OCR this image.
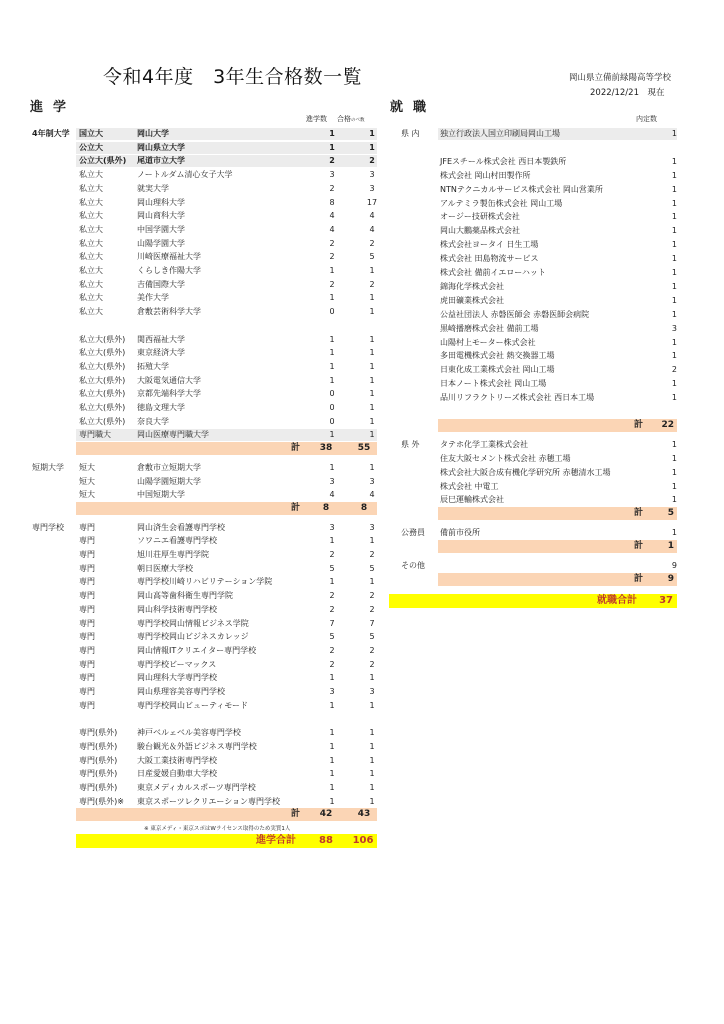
令和4年度　3年生合格数一覧	岡山県立備前緑陽高等学校
2022/12/21　現在
進学	就職
進学数 合格のべ数	内定数
4年制大学 国立大	岡山大学	1	1
公立大	岡山県立大学	1	1
公立大(県外) 尾道市立大学	2	2
私立大	ノートルダム清心女子大学	3	3
私立大	就実大学	2	3
私立大	岡山理科大学	8	17
私立大	岡山商科大学	4	4
私立大	中国学園大学	4	4
私立大	山陽学園大学	2	2
私立大	川崎医療福祉大学	2	5
私立大	くらしき作陽大学	1	1
私立大	吉備国際大学	2	2
私立大	美作大学	1	1
私立大	倉敷芸術科学大学	0	1
私立大(県外) 関西福祉大学	1	1
私立大(県外) 東京経済大学	1	1
私立大(県外) 拓殖大学	1	1
私立大(県外) 大阪電気通信大学	1	1
私立大(県外) 京都先端科学大学	0	1
私立大(県外) 徳島文理大学	0	1
私立大(県外) 奈良大学	0	1
専門職大	岡山医療専門職大学	1	1
計	38	55
短期大学 短大	倉敷市立短期大学	1	1
短大	山陽学園短期大学	3	3
短大	中国短期大学	4	4
計	8	8
専門学校 専門	岡山済生会看護専門学校	3	3
専門	ソワニエ看護専門学校	1	1
専門	旭川荘厚生専門学院	2	2
専門	朝日医療大学校	5	5
専門	専門学校川崎リハビリテーション学院	1	1
専門	岡山高等歯科衛生専門学院	2	2
専門	岡山科学技術専門学校	2	2
専門	専門学校岡山情報ビジネス学院	7	7
専門	専門学校岡山ビジネスカレッジ	5	5
専門	岡山情報ITクリエイター専門学校	2	2
専門	専門学校ビーマックス	2	2
専門	岡山理科大学専門学校	1	1
専門	岡山県理容美容専門学校	3	3
専門	専門学校岡山ビューティモード	1	1
専門(県外) 神戸ベルェベル美容専門学校	1	1
専門(県外) 駿台観光＆外語ビジネス専門学校	1	1
専門(県外) 大阪工業技術専門学校	1	1
専門(県外) 日産愛媛自動車大学校	1	1
専門(県外) 東京メディカルスポーツ専門学校	1	1
専門(県外)※ 東京スポーツレクリエーション専門学校	1	1
計	42	43
※ 東京メディ・東京スポはWライセンス取得のため実質1人
進学合計	88	106
県 内	独立行政法人国立印刷局岡山工場	1
JFEスチール株式会社 西日本製鉄所	1
株式会社 岡山村田製作所	1
NTNテクニカルサービス株式会社 岡山営業所	1
アルテミラ製缶株式会社 岡山工場	1
オージー技研株式会社	1
岡山大鵬薬品株式会社	1
株式会社ヨータイ 日生工場	1
株式会社 田島物流サービス	1
株式会社 備前イエローハット	1
錦海化学株式会社	1
虎田礦業株式会社	1
公益社団法人 赤磐医師会 赤磐医師会病院	1
黒崎播磨株式会社 備前工場	3
山陽村上モーター株式会社	1
多田電機株式会社 熱交換器工場	1
日東化成工業株式会社 岡山工場	2
日本ノート株式会社 岡山工場	1
品川リフラクトリーズ株式会社 西日本工場	1
計	22
県 外	タテホ化学工業株式会社	1
住友大阪セメント株式会社 赤穂工場	1
株式会社大阪合成有機化学研究所 赤穂清水工場	1
株式会社 中電工	1
辰巳運輸株式会社	1
計	5
公務員 備前市役所	1
計	1
その他	9
計	9
就職合計	37
